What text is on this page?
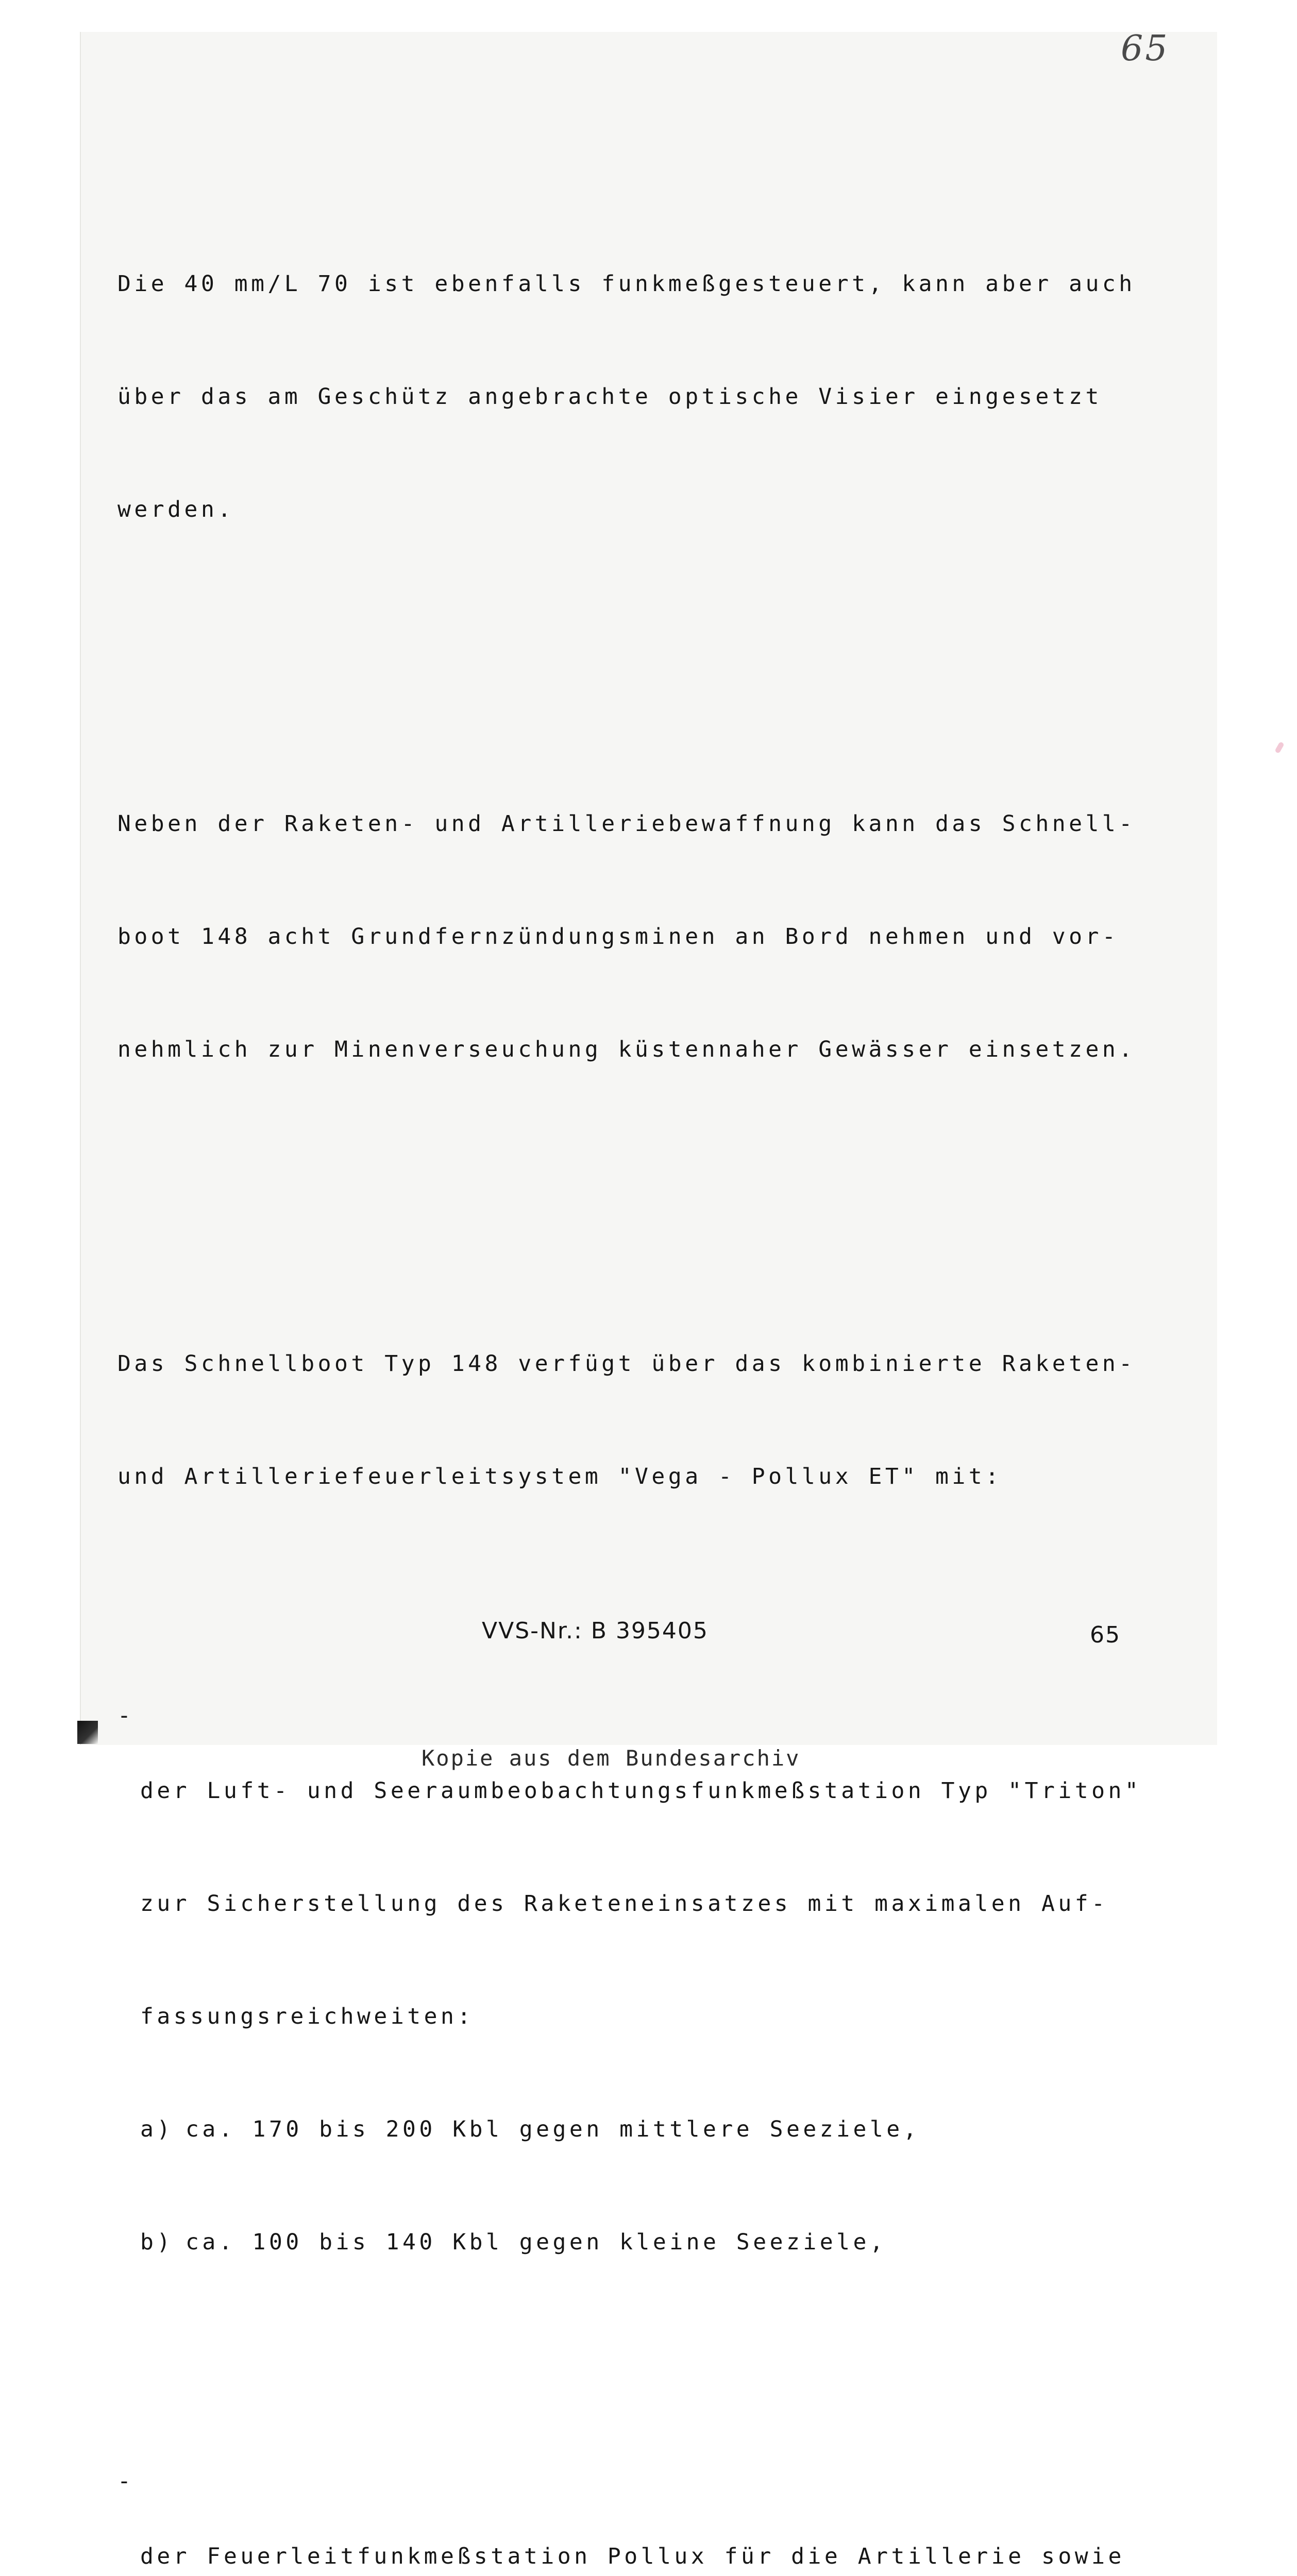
65

Die 40 mm/L 70 ist ebenfalls funkmeßgesteuert, kann aber auch

über das am Geschütz angebrachte optische Visier eingesetzt

werden.

Neben der Raketen- und Artilleriebewaffnung kann das Schnell-

boot 148 acht Grundfernzündungsminen an Bord nehmen und vor-

nehmlich zur Minenverseuchung küstennaher Gewässer einsetzen.

Das Schnellboot Typ 148 verfügt über das kombinierte Raketen-

und Artilleriefeuerleitsystem "Vega - Pollux ET" mit:

-

der Luft- und Seeraumbeobachtungsfunkmeßstation Typ "Triton"

zur Sicherstellung des Raketeneinsatzes mit maximalen Auf-

fassungsreichweiten:

a) ca. 170 bis 200 Kbl gegen mittlere Seeziele,

b) ca. 100 bis 140 Kbl gegen kleine Seeziele,

-

der Feuerleitfunkmeßstation Pollux für die Artillerie sowie

VVS-Nr.: B 395405	65
Kopie aus dem Bundesarchiv
